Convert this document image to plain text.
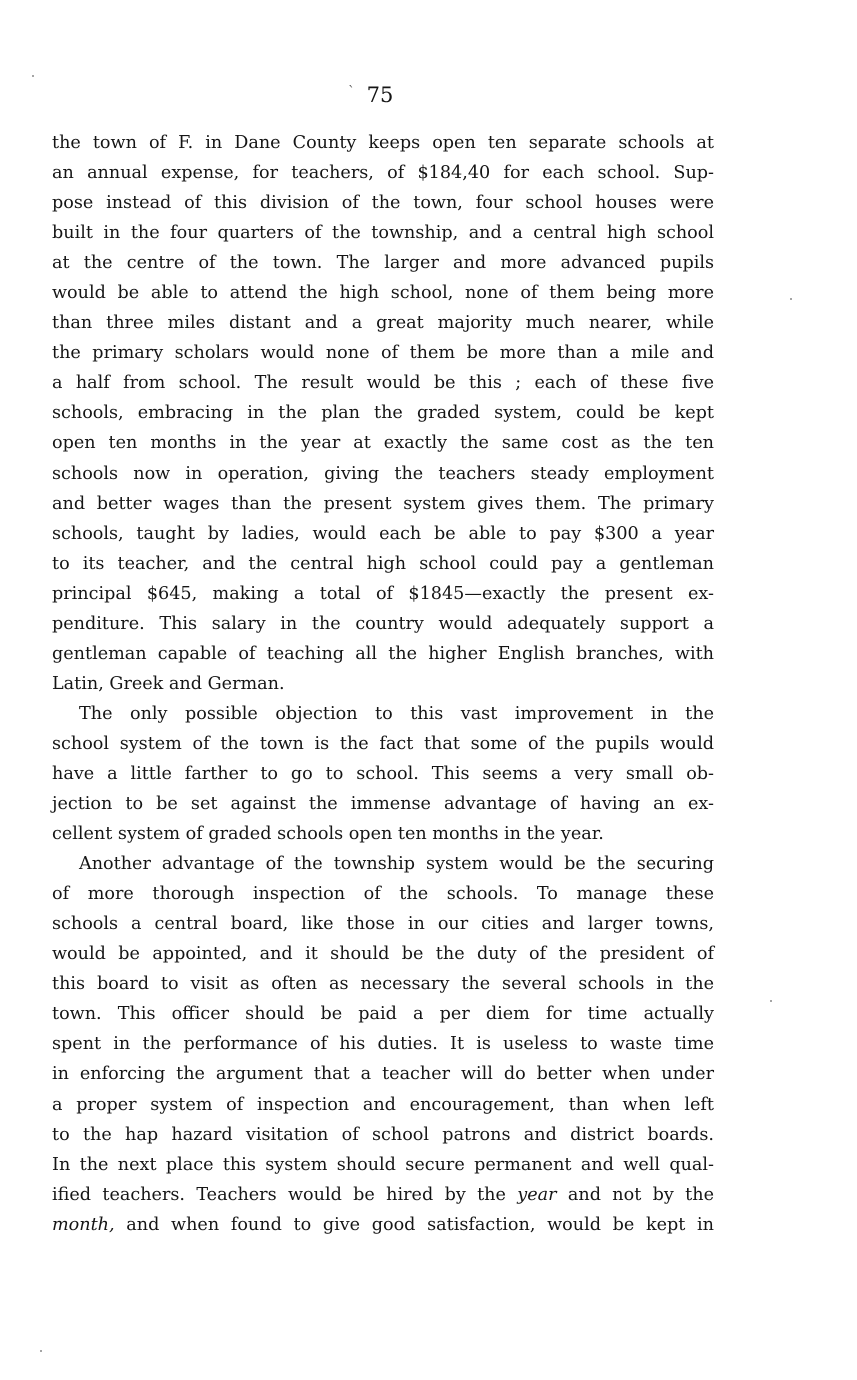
` 75
the town of F. in Dane County keeps open ten separate schools at
an annual expense, for teachers, of $184,40 for each school. Sup-
pose instead of this division of the town, four school houses were
built in the four quarters of the township, and a central high school
at the centre of the town. The larger and more advanced pupils
would be able to attend the high school, none of them being more
than three miles distant and a great majority much nearer, while
the primary scholars would none of them be more than a mile and
a half from school. The result would be this ; each of these five
schools, embracing in the plan the graded system, could be kept
open ten months in the year at exactly the same cost as the ten
schools now in operation, giving the teachers steady employment
and better wages than the present system gives them. The primary
schools, taught by ladies, would each be able to pay $300 a year
to its teacher, and the central high school could pay a gentleman
principal $645, making a total of $1845—exactly the present ex-
penditure. This salary in the country would adequately support a
gentleman capable of teaching all the higher English branches, with
Latin, Greek and German.
The only possible objection to this vast improvement in the
school system of the town is the fact that some of the pupils would
have a little farther to go to school. This seems a very small ob-
jection to be set against the immense advantage of having an ex-
cellent system of graded schools open ten months in the year.
Another advantage of the township system would be the securing
of more thorough inspection of the schools. To manage these
schools a central board, like those in our cities and larger towns,
would be appointed, and it should be the duty of the president of
this board to visit as often as necessary the several schools in the
town. This officer should be paid a per diem for time actually
spent in the performance of his duties. It is useless to waste time
in enforcing the argument that a teacher will do better when under
a proper system of inspection and encouragement, than when left
to the hap hazard visitation of school patrons and district boards.
In the next place this system should secure permanent and well qual-
ified teachers. Teachers would be hired by the year and not by the
month, and when found to give good satisfaction, would be kept in
